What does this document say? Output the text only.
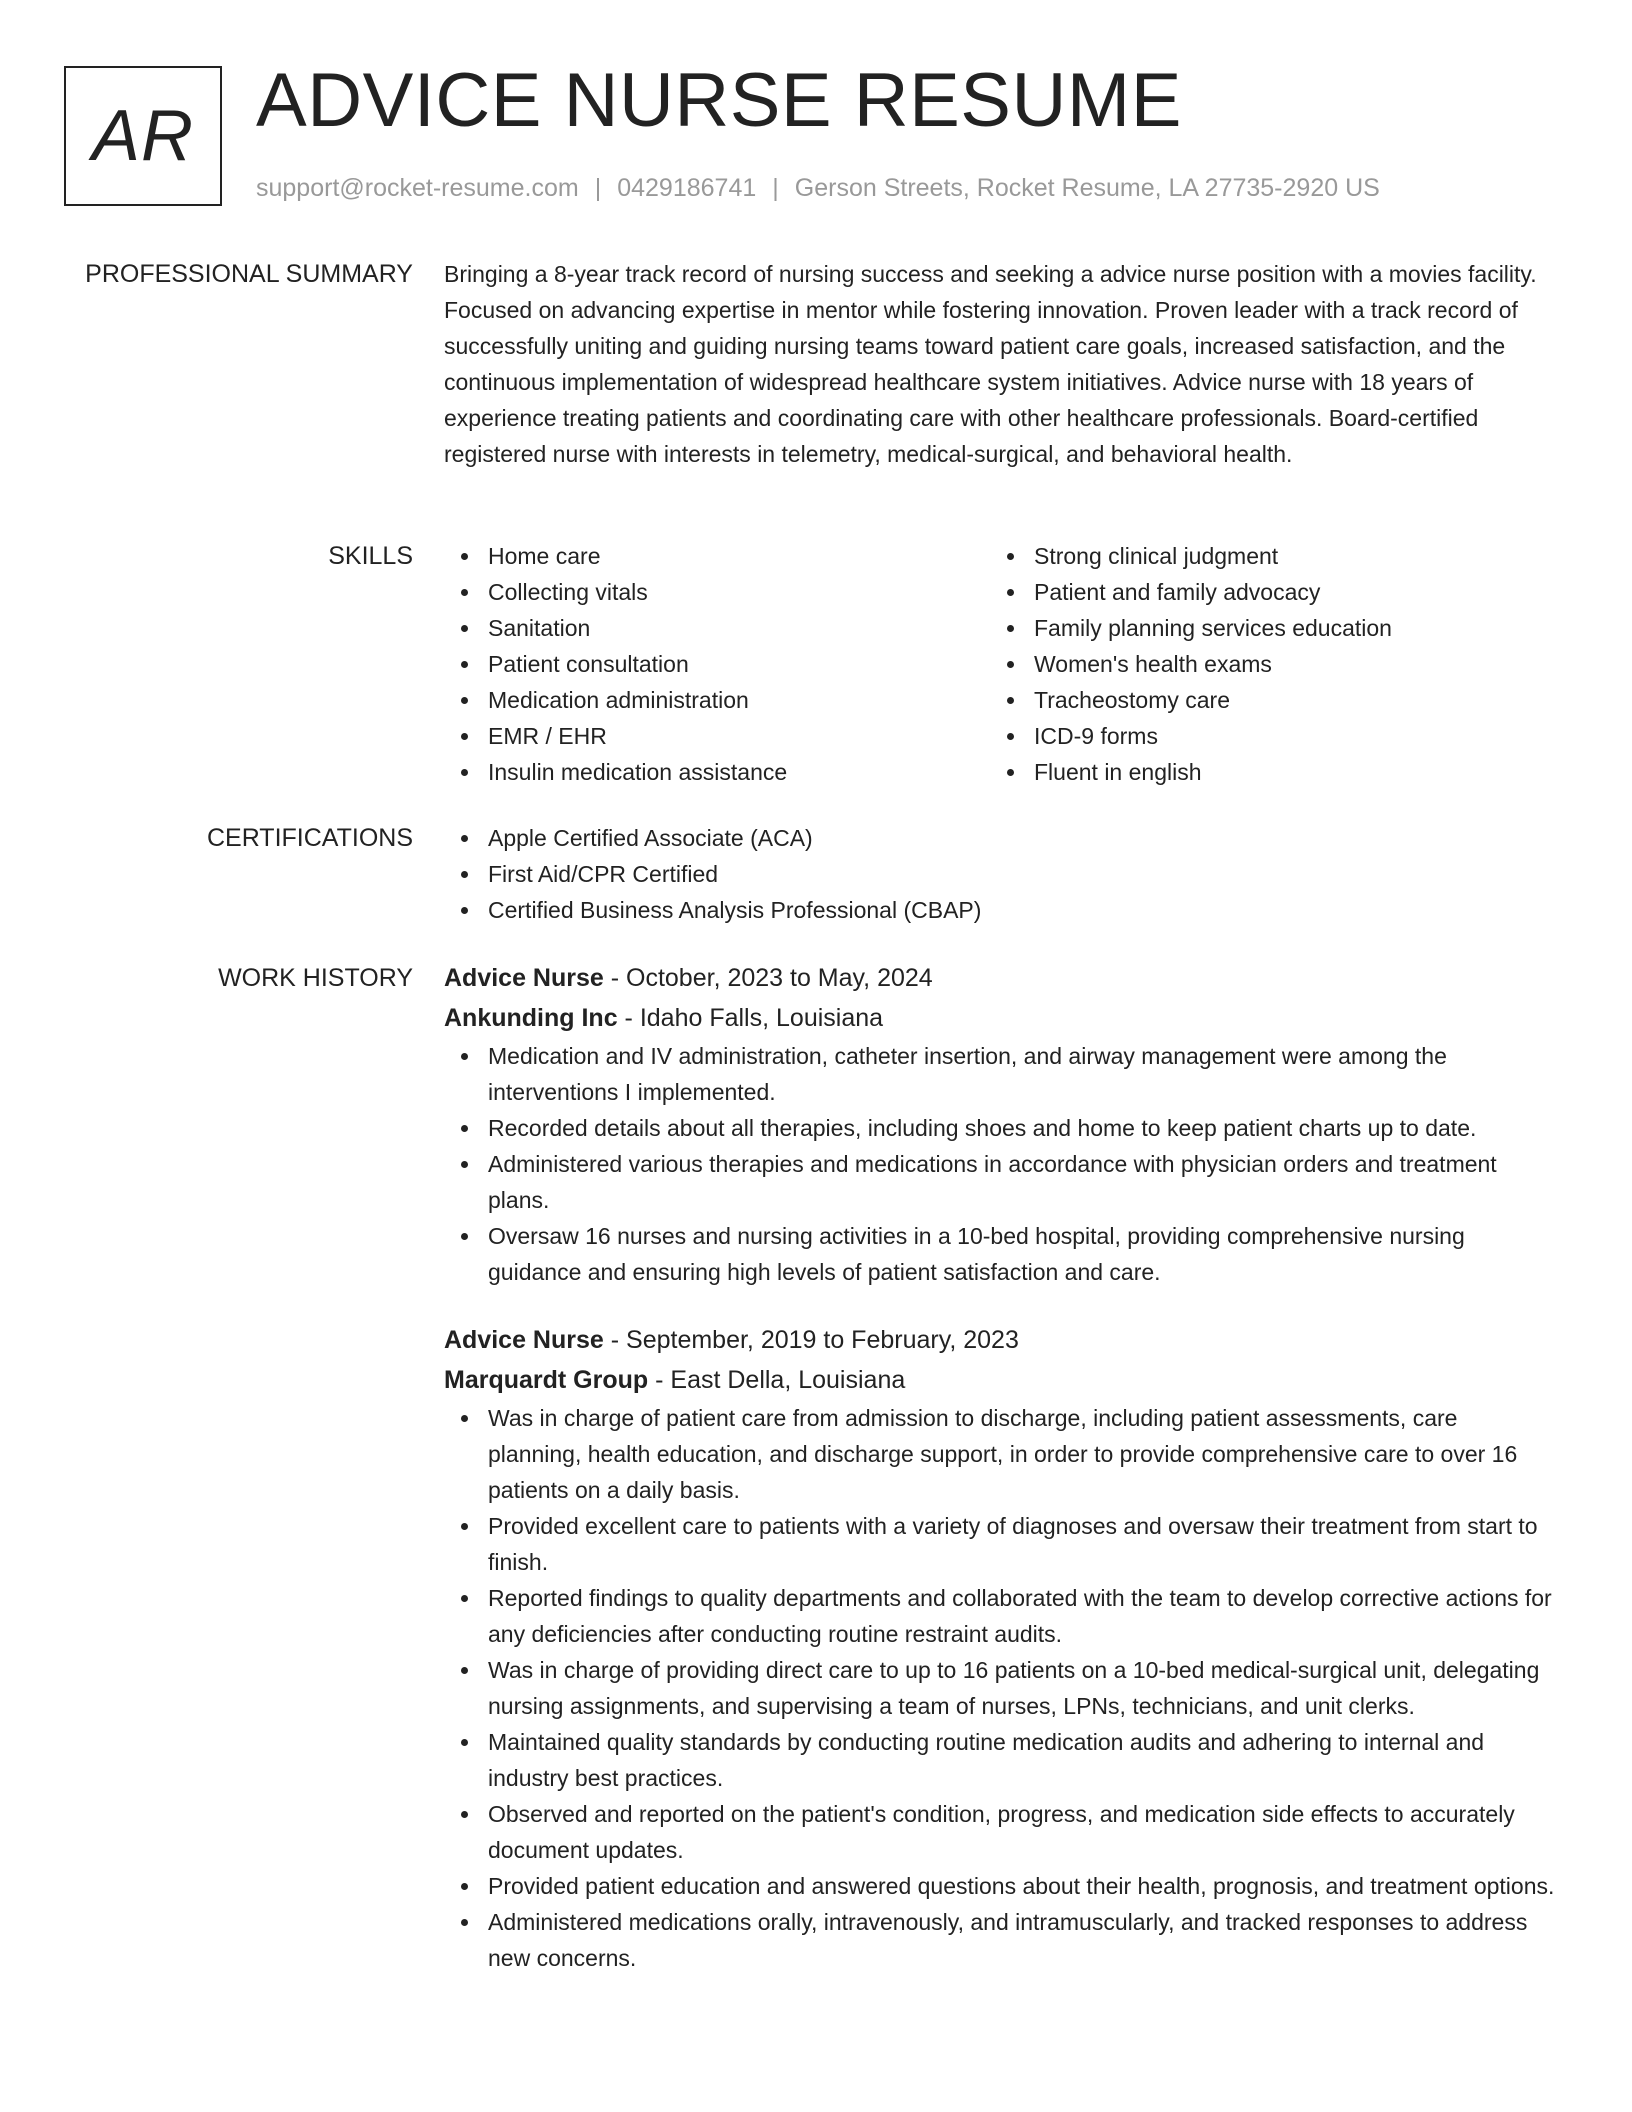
AR ADVICE NURSE RESUME
support@rocket-resume.com | 0429186741 | Gerson Streets, Rocket Resume, LA 27735-2920 US
PROFESSIONAL SUMMARY Bringing a 8-year track record of nursing success and seeking a advice nurse position with a movies facility. Focused on advancing expertise in mentor while fostering innovation. Proven leader with a track record of successfully uniting and guiding nursing teams toward patient care goals, increased satisfaction, and the continuous implementation of widespread healthcare system initiatives. Advice nurse with 18 years of experience treating patients and coordinating care with other healthcare professionals. Board-certified registered nurse with interests in telemetry, medical-surgical, and behavioral health.

SKILLS	Home care
Collecting vitals
Sanitation
Patient consultation
Medication administration
EMR / EHR
Insulin medication assistance
Strong clinical judgment
Patient and family advocacy
Family planning services education
Women's health exams
Tracheostomy care
ICD-9 forms
Fluent in english
CERTIFICATIONS	Apple Certified Associate (ACA)
First Aid/CPR Certified
Certified Business Analysis Professional (CBAP)
WORK HISTORY Advice Nurse - October, 2023 to May, 2024
Ankunding Inc - Idaho Falls, Louisiana
Medication and IV administration, catheter insertion, and airway management were among the interventions I implemented.
Recorded details about all therapies, including shoes and home to keep patient charts up to date.
Administered various therapies and medications in accordance with physician orders and treatment plans.
Oversaw 16 nurses and nursing activities in a 10-bed hospital, providing comprehensive nursing guidance and ensuring high levels of patient satisfaction and care.
Advice Nurse - September, 2019 to February, 2023
Marquardt Group - East Della, Louisiana
Was in charge of patient care from admission to discharge, including patient assessments, care planning, health education, and discharge support, in order to provide comprehensive care to over 16 patients on a daily basis.
Provided excellent care to patients with a variety of diagnoses and oversaw their treatment from start to finish.
Reported findings to quality departments and collaborated with the team to develop corrective actions for any deficiencies after conducting routine restraint audits.
Was in charge of providing direct care to up to 16 patients on a 10-bed medical-surgical unit, delegating nursing assignments, and supervising a team of nurses, LPNs, technicians, and unit clerks.
Maintained quality standards by conducting routine medication audits and adhering to internal and industry best practices.
Observed and reported on the patient's condition, progress, and medication side effects to accurately document updates.
Provided patient education and answered questions about their health, prognosis, and treatment options.
Administered medications orally, intravenously, and intramuscularly, and tracked responses to address new concerns.
